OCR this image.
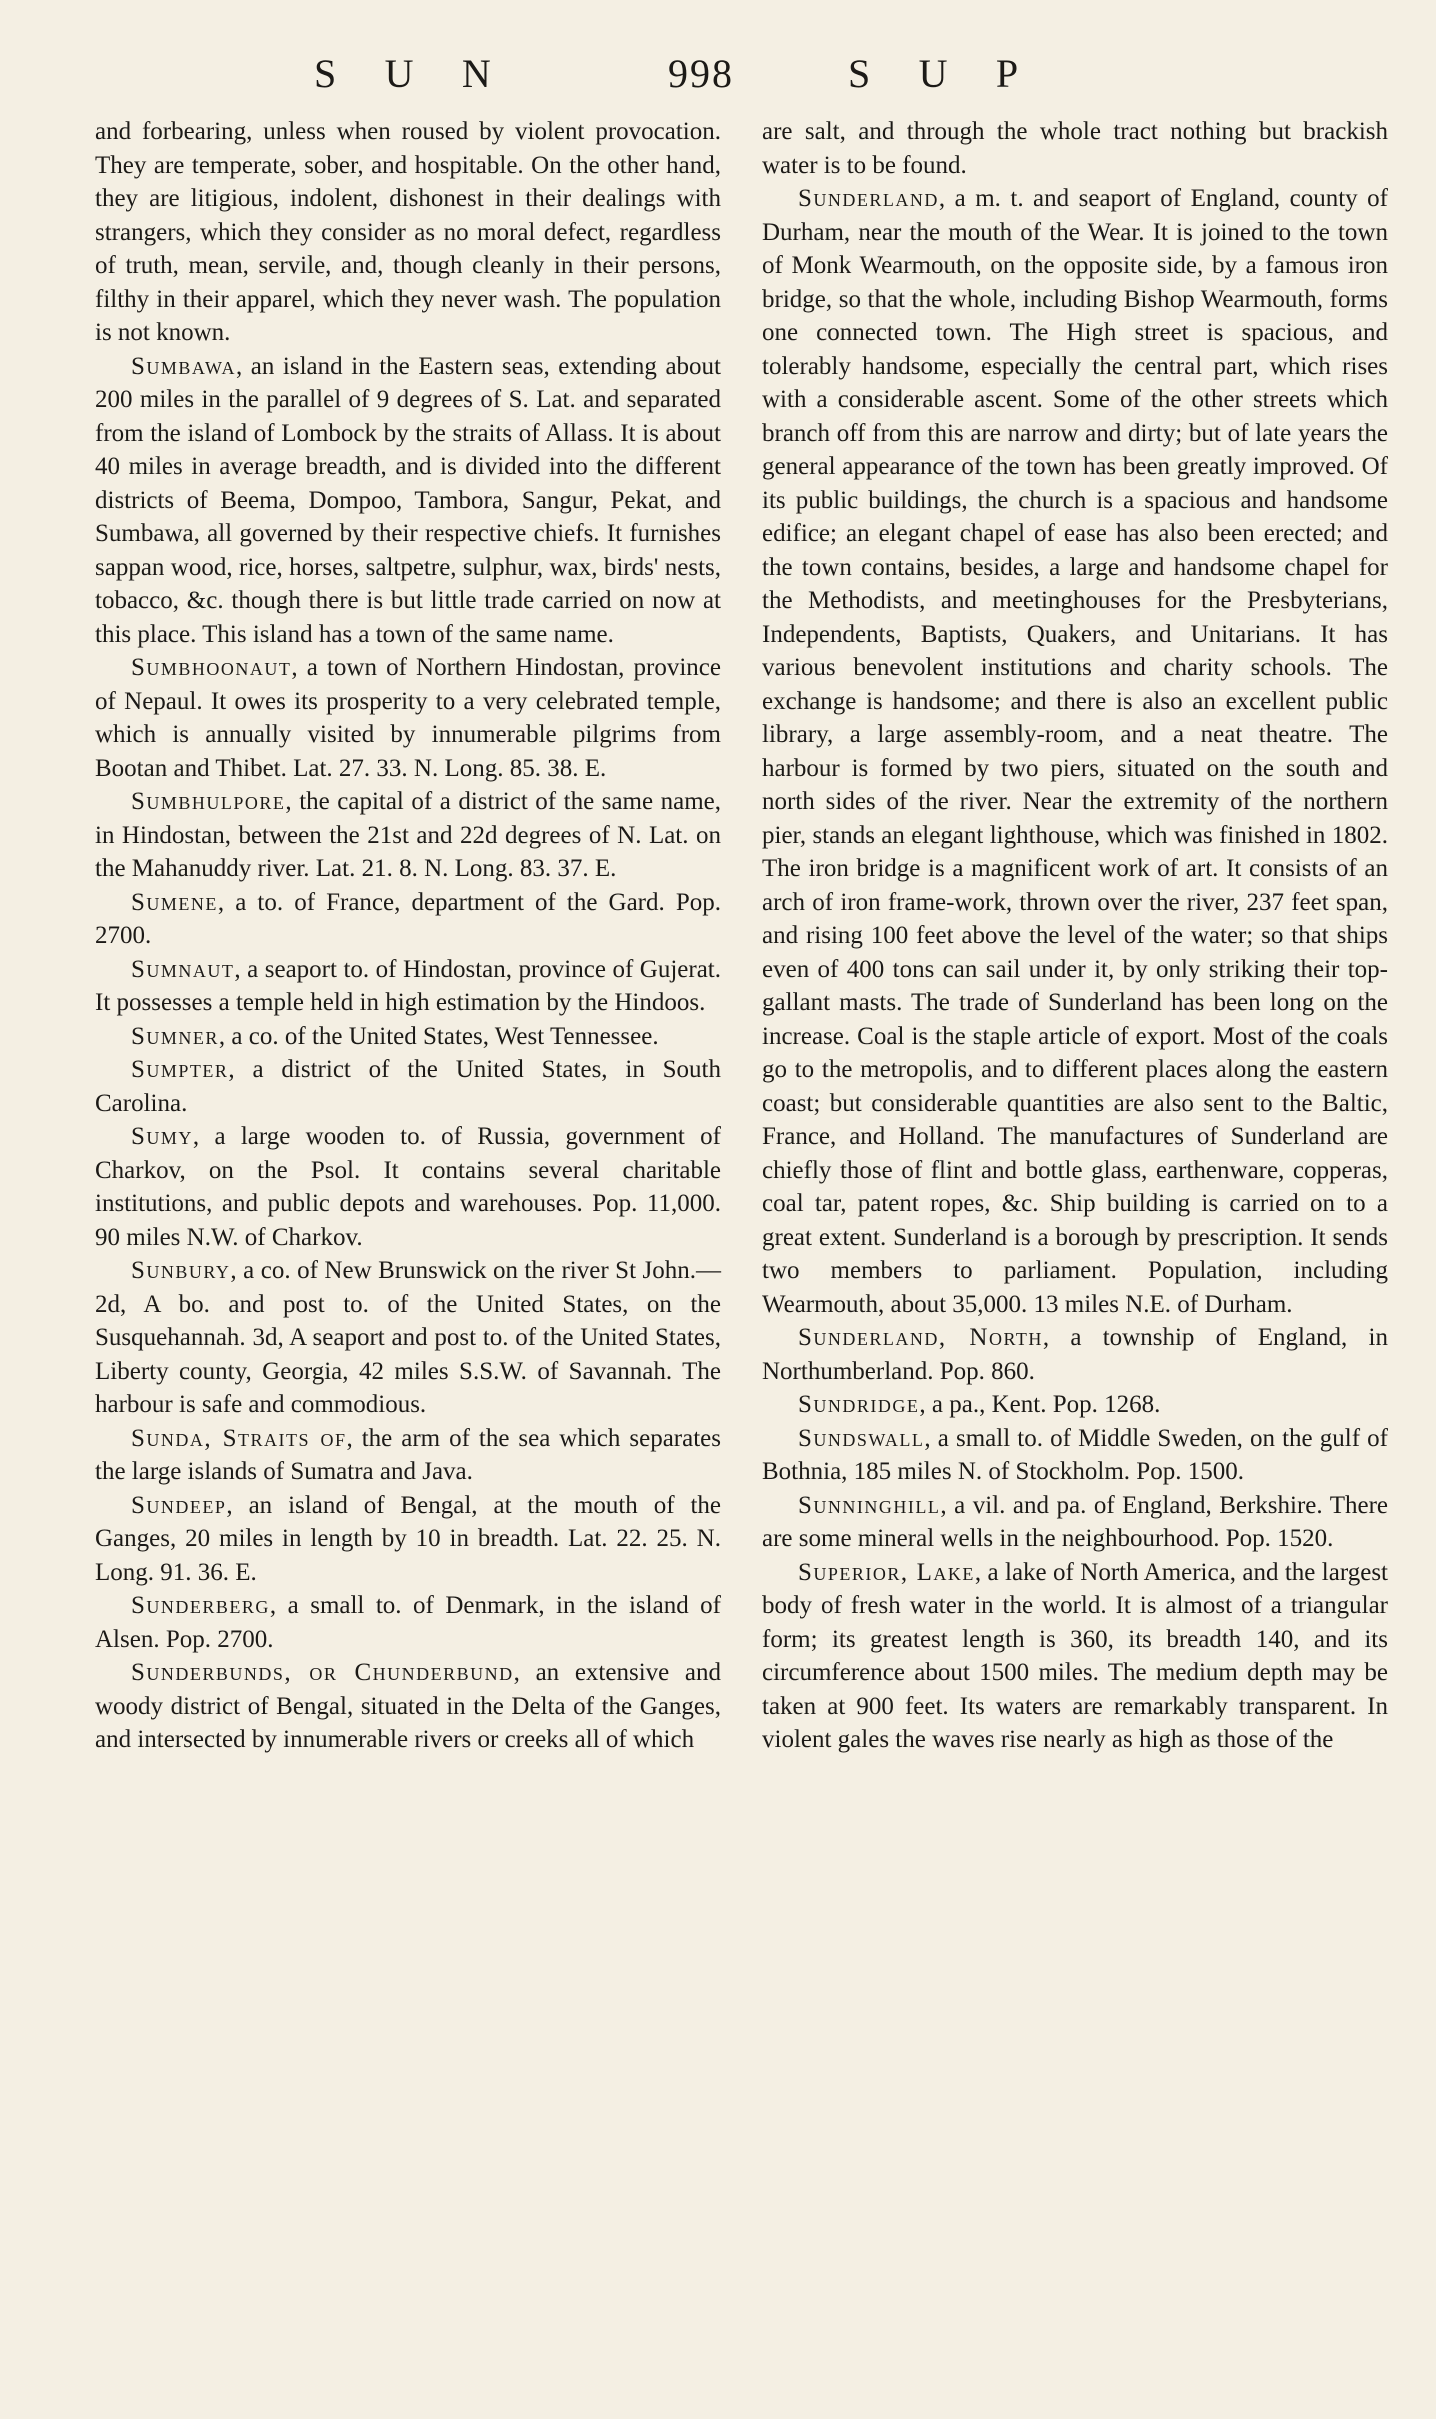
S U N	998	S U P

and forbearing, unless when roused by violent provocation. They are temperate, sober, and hospitable. On the other hand, they are litigious, indolent, dishonest in their dealings with strangers, which they consider as no moral defect, regardless of truth, mean, servile, and, though cleanly in their persons, filthy in their apparel, which they never wash. The population is not known.

Sumbawa, an island in the Eastern seas, extending about 200 miles in the parallel of 9 degrees of S. Lat. and separated from the island of Lombock by the straits of Allass. It is about 40 miles in average breadth, and is divided into the different districts of Beema, Dompoo, Tambora, Sangur, Pekat, and Sumbawa, all governed by their respective chiefs. It furnishes sappan wood, rice, horses, saltpetre, sulphur, wax, birds' nests, tobacco, &c. though there is but little trade carried on now at this place. This island has a town of the same name.

Sumbhoonaut, a town of Northern Hindostan, province of Nepaul. It owes its prosperity to a very celebrated temple, which is annually visited by innumerable pilgrims from Bootan and Thibet. Lat. 27. 33. N. Long. 85. 38. E.

Sumbhulpore, the capital of a district of the same name, in Hindostan, between the 21st and 22d degrees of N. Lat. on the Mahanuddy river. Lat. 21. 8. N. Long. 83. 37. E.

Sumene, a to. of France, department of the Gard. Pop. 2700.

Sumnaut, a seaport to. of Hindostan, province of Gujerat. It possesses a temple held in high estimation by the Hindoos.

Sumner, a co. of the United States, West Tennessee.

Sumpter, a district of the United States, in South Carolina.

Sumy, a large wooden to. of Russia, government of Charkov, on the Psol. It contains several charitable institutions, and public depots and warehouses. Pop. 11,000. 90 miles N.W. of Charkov.

Sunbury, a co. of New Brunswick on the river St John.—2d, A bo. and post to. of the United States, on the Susquehannah. 3d, A seaport and post to. of the United States, Liberty county, Georgia, 42 miles S.S.W. of Savannah. The harbour is safe and commodious.

Sunda, Straits of, the arm of the sea which separates the large islands of Sumatra and Java.

Sundeep, an island of Bengal, at the mouth of the Ganges, 20 miles in length by 10 in breadth. Lat. 22. 25. N. Long. 91. 36. E.

Sunderberg, a small to. of Denmark, in the island of Alsen. Pop. 2700.

Sunderbunds, or Chunderbund, an extensive and woody district of Bengal, situated in the Delta of the Ganges, and intersected by innumerable rivers or creeks all of which

are salt, and through the whole tract nothing but brackish water is to be found.

Sunderland, a m. t. and seaport of England, county of Durham, near the mouth of the Wear. It is joined to the town of Monk Wearmouth, on the opposite side, by a famous iron bridge, so that the whole, including Bishop Wearmouth, forms one connected town. The High street is spacious, and tolerably handsome, especially the central part, which rises with a considerable ascent. Some of the other streets which branch off from this are narrow and dirty; but of late years the general appearance of the town has been greatly improved. Of its public buildings, the church is a spacious and handsome edifice; an elegant chapel of ease has also been erected; and the town contains, besides, a large and handsome chapel for the Methodists, and meetinghouses for the Presbyterians, Independents, Baptists, Quakers, and Unitarians. It has various benevolent institutions and charity schools. The exchange is handsome; and there is also an excellent public library, a large assembly-room, and a neat theatre. The harbour is formed by two piers, situated on the south and north sides of the river. Near the extremity of the northern pier, stands an elegant lighthouse, which was finished in 1802. The iron bridge is a magnificent work of art. It consists of an arch of iron frame-work, thrown over the river, 237 feet span, and rising 100 feet above the level of the water; so that ships even of 400 tons can sail under it, by only striking their top-gallant masts. The trade of Sunderland has been long on the increase. Coal is the staple article of export. Most of the coals go to the metropolis, and to different places along the eastern coast; but considerable quantities are also sent to the Baltic, France, and Holland. The manufactures of Sunderland are chiefly those of flint and bottle glass, earthenware, copperas, coal tar, patent ropes, &c. Ship building is carried on to a great extent. Sunderland is a borough by prescription. It sends two members to parliament. Population, including Wearmouth, about 35,000. 13 miles N.E. of Durham.

Sunderland, North, a township of England, in Northumberland. Pop. 860.

Sundridge, a pa., Kent. Pop. 1268.

Sundswall, a small to. of Middle Sweden, on the gulf of Bothnia, 185 miles N. of Stockholm. Pop. 1500.

Sunninghill, a vil. and pa. of England, Berkshire. There are some mineral wells in the neighbourhood. Pop. 1520.

Superior, Lake, a lake of North America, and the largest body of fresh water in the world. It is almost of a triangular form; its greatest length is 360, its breadth 140, and its circumference about 1500 miles. The medium depth may be taken at 900 feet. Its waters are remarkably transparent. In violent gales the waves rise nearly as high as those of the
